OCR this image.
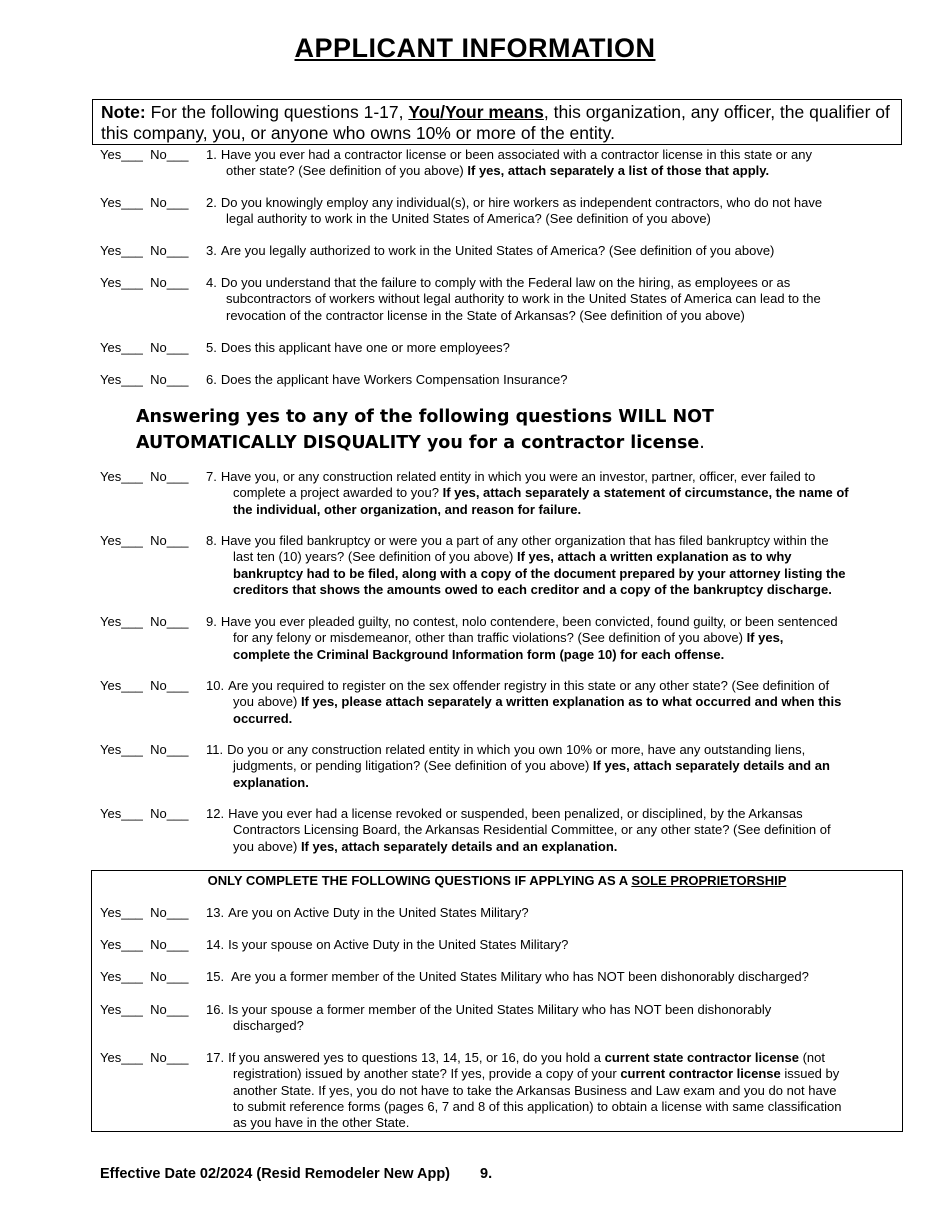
APPLICANT INFORMATION
Note: For the following questions 1-17, You/Your means, this organization, any officer, the qualifier of this company, you, or anyone who owns 10% or more of the entity.
Yes___  No___ 1. Have you ever had a contractor license or been associated with a contractor license in this state or any
other state? (See definition of you above) If yes, attach separately a list of those that apply.
Yes___  No___ 2. Do you knowingly employ any individual(s), or hire workers as independent contractors, who do not have
legal authority to work in the United States of America? (See definition of you above)
Yes___  No___ 3. Are you legally authorized to work in the United States of America? (See definition of you above)
Yes___  No___ 4. Do you understand that the failure to comply with the Federal law on the hiring, as employees or as
subcontractors of workers without legal authority to work in the United States of America can lead to the
revocation of the contractor license in the State of Arkansas? (See definition of you above)
Yes___  No___ 5. Does this applicant have one or more employees?
Yes___  No___ 6. Does the applicant have Workers Compensation Insurance?
Answering yes to any of the following questions WILL NOT AUTOMATICALLY DISQUALITY you for a contractor license.
Yes___  No___ 7. Have you, or any construction related entity in which you were an investor, partner, officer, ever failed to
complete a project awarded to you? If yes, attach separately a statement of circumstance, the name of
the individual, other organization, and reason for failure.
Yes___  No___ 8. Have you filed bankruptcy or were you a part of any other organization that has filed bankruptcy within the
last ten (10) years? (See definition of you above) If yes, attach a written explanation as to why
bankruptcy had to be filed, along with a copy of the document prepared by your attorney listing the
creditors that shows the amounts owed to each creditor and a copy of the bankruptcy discharge.
Yes___  No___ 9. Have you ever pleaded guilty, no contest, nolo contendere, been convicted, found guilty, or been sentenced
for any felony or misdemeanor, other than traffic violations? (See definition of you above) If yes,
complete the Criminal Background Information form (page 10) for each offense.
Yes___  No___ 10. Are you required to register on the sex offender registry in this state or any other state? (See definition of
you above) If yes, please attach separately a written explanation as to what occurred and when this
occurred.
Yes___  No___ 11. Do you or any construction related entity in which you own 10% or more, have any outstanding liens,
judgments, or pending litigation? (See definition of you above) If yes, attach separately details and an
explanation.
Yes___  No___ 12. Have you ever had a license revoked or suspended, been penalized, or disciplined, by the Arkansas
Contractors Licensing Board, the Arkansas Residential Committee, or any other state? (See definition of
you above) If yes, attach separately details and an explanation.
ONLY COMPLETE THE FOLLOWING QUESTIONS IF APPLYING AS A SOLE PROPRIETORSHIP
Yes___  No___ 13. Are you on Active Duty in the United States Military?
Yes___  No___ 14. Is your spouse on Active Duty in the United States Military?
Yes___  No___ 15. Are you a former member of the United States Military who has NOT been dishonorably discharged?
Yes___  No___ 16. Is your spouse a former member of the United States Military who has NOT been dishonorably
discharged?
Yes___  No___ 17. If you answered yes to questions 13, 14, 15, or 16, do you hold a current state contractor license (not
registration) issued by another state? If yes, provide a copy of your current contractor license issued by
another State. If yes, you do not have to take the Arkansas Business and Law exam and you do not have
to submit reference forms (pages 6, 7 and 8 of this application) to obtain a license with same classification
as you have in the other State.
Effective Date 02/2024 (Resid Remodeler New App) 9.
